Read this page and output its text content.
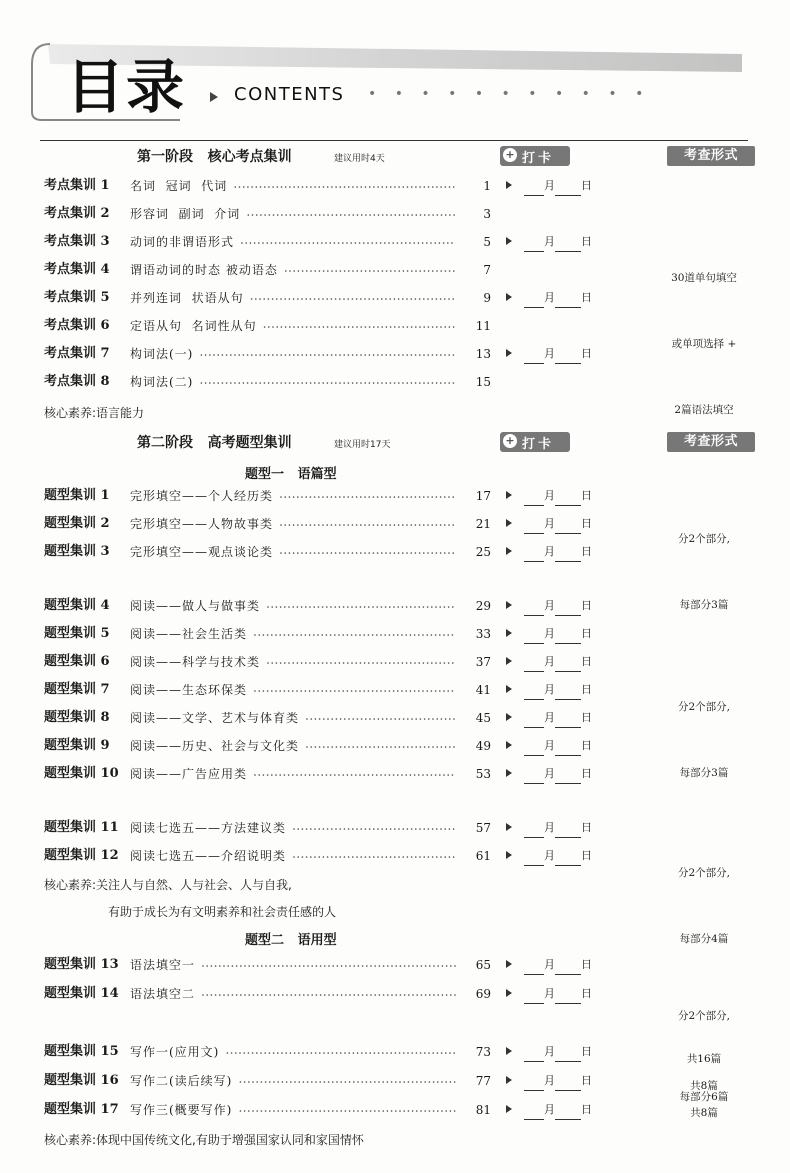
目录	CONTENTS • • • • • • • • • • •
第一阶段   核心考点集训	建议用时4天	+ 打卡	考查形式

30道单句填空

或单项选择 +

2篇语法填空

核心素养:语言能力
第二阶段   高考题型集训	建议用时17天	+ 打卡	考查形式
题型一   语篇型

分2个部分,

每部分3篇

分2个部分,

每部分3篇

分2个部分,

每部分4篇

核心素养:关注人与自然、人与社会、人与自我,
有助于成长为有文明素养和社会责任感的人
题型二   语用型

分2个部分,

每部分6篇

共16篇
共8篇
共8篇
核心素养:体现中国传统文化,有助于增强国家认同和家国情怀
考点集训 1 名词  冠词  代词	1	月 日
考点集训 2 形容词  副词  介词	3
考点集训 3 动词的非谓语形式	5	月 日
考点集训 4 谓语动词的时态 被动语态	7
考点集训 5 并列连词  状语从句	9	月 日
考点集训 6 定语从句  名词性从句	11
考点集训 7 构词法(一)	13	月 日
考点集训 8 构词法(二)	15
题型集训 1 完形填空——个人经历类	17	月 日
题型集训 2 完形填空——人物故事类	21	月 日
题型集训 3 完形填空——观点谈论类	25	月 日
题型集训 4 阅读——做人与做事类	29	月 日
题型集训 5 阅读——社会生活类	33	月 日
题型集训 6 阅读——科学与技术类	37	月 日
题型集训 7 阅读——生态环保类	41	月 日
题型集训 8 阅读——文学、艺术与体育类	45	月 日
题型集训 9 阅读——历史、社会与文化类	49	月 日
题型集训 10 阅读——广告应用类	53	月 日
题型集训 11 阅读七选五——方法建议类	57	月 日
题型集训 12 阅读七选五——介绍说明类	61	月 日
题型集训 13 语法填空一	65	月 日
题型集训 14 语法填空二	69	月 日
题型集训 15 写作一(应用文)	73	月 日
题型集训 16 写作二(读后续写)	77	月 日
题型集训 17 写作三(概要写作)	81	月 日
